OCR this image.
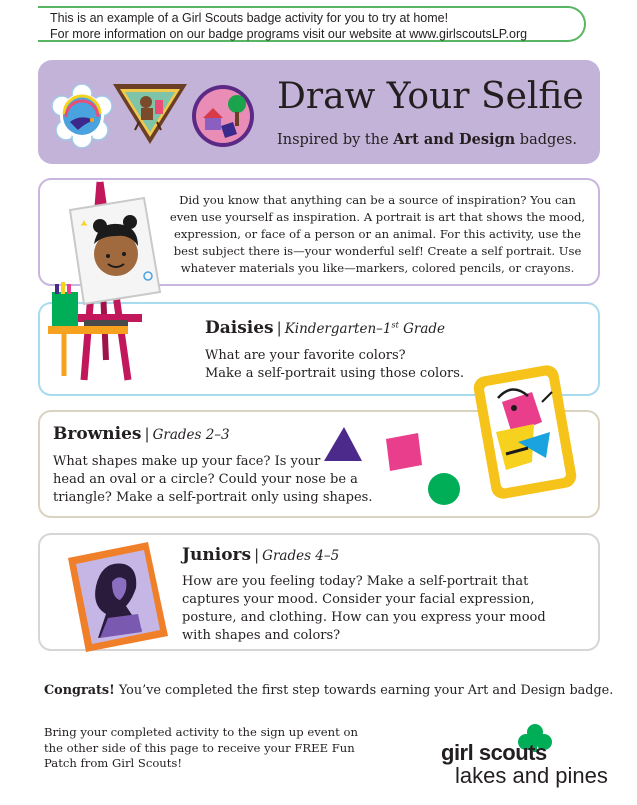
This is an example of a Girl Scouts badge activity for you to try at home!
For more information on our badge programs visit our website at www.girlscoutsLP.org
Draw Your Selfie
Inspired by the Art and Design badges.
Did you know that anything can be a source of inspiration? You can even use yourself as inspiration. A portrait is art that shows the mood, expression, or face of a person or an animal. For this activity, use the best subject there is—your wonderful self! Create a self portrait. Use whatever materials you like—markers, colored pencils, or crayons.
Daisies | Kindergarten–1st Grade
What are your favorite colors?
Make a self-portrait using those colors.
Brownies | Grades 2–3
What shapes make up your face? Is your
head an oval or a circle? Could your nose be a
triangle? Make a self-portrait only using shapes.
Juniors | Grades 4–5
How are you feeling today? Make a self-portrait that
captures your mood. Consider your facial expression,
posture, and clothing. How can you express your mood
with shapes and colors?
Congrats! You’ve completed the first step towards earning your Art and Design badge.
Bring your completed activity to the sign up event on the other side of this page to receive your FREE Fun Patch from Girl Scouts!	girl scouts
lakes and pines
